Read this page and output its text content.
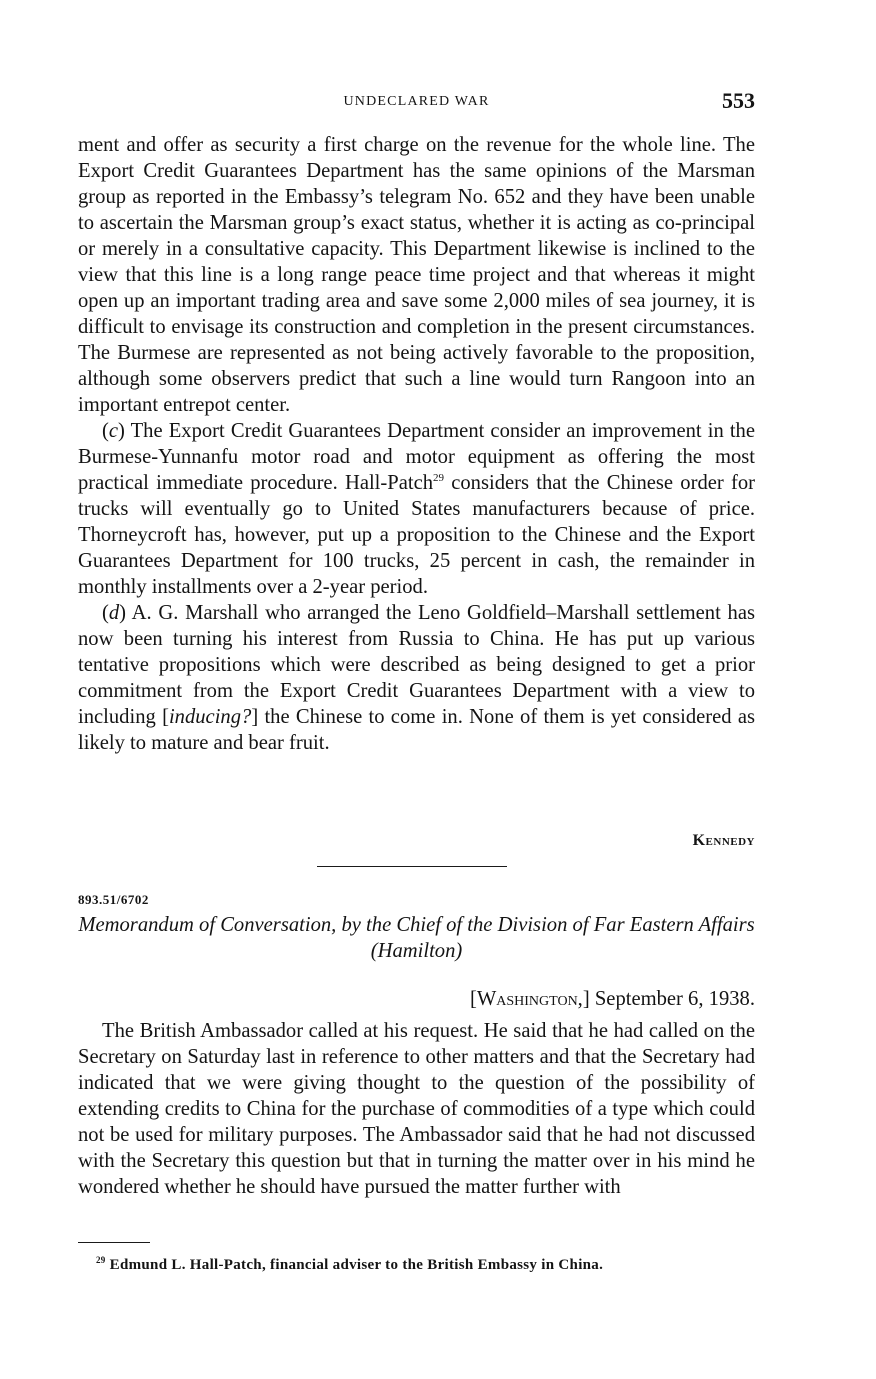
UNDECLARED WAR	553

ment and offer as security a first charge on the revenue for the whole line. The Export Credit Guarantees Department has the same opinions of the Marsman group as reported in the Embassy’s telegram No. 652 and they have been unable to ascertain the Marsman group’s exact status, whether it is acting as co-principal or merely in a consultative capacity. This Department likewise is inclined to the view that this line is a long range peace time project and that whereas it might open up an important trading area and save some 2,000 miles of sea journey, it is difficult to envisage its construction and completion in the present circumstances. The Burmese are represented as not being actively favorable to the proposition, although some observers predict that such a line would turn Rangoon into an important entrepot center.

(c) The Export Credit Guarantees Department consider an improvement in the Burmese-Yunnanfu motor road and motor equipment as offering the most practical immediate procedure. Hall-Patch$^{29}$ considers that the Chinese order for trucks will eventually go to United States manufacturers because of price. Thorneycroft has, however, put up a proposition to the Chinese and the Export Guarantees Department for 100 trucks, 25 percent in cash, the remainder in monthly installments over a 2-year period.

(d) A. G. Marshall who arranged the Leno Goldfield–Marshall settlement has now been turning his interest from Russia to China. He has put up various tentative propositions which were described as being designed to get a prior commitment from the Export Credit Guarantees Department with a view to including [inducing?] the Chinese to come in. None of them is yet considered as likely to mature and bear fruit.

Kennedy
893.51/6702
Memorandum of Conversation, by the Chief of the Division of Far Eastern Affairs (Hamilton)
[Washington,] September 6, 1938.

The British Ambassador called at his request. He said that he had called on the Secretary on Saturday last in reference to other matters and that the Secretary had indicated that we were giving thought to the question of the possibility of extending credits to China for the purchase of commodities of a type which could not be used for military purposes. The Ambassador said that he had not discussed with the Secretary this question but that in turning the matter over in his mind he wondered whether he should have pursued the matter further with

$^{29}$ Edmund L. Hall-Patch, financial adviser to the British Embassy in China.
